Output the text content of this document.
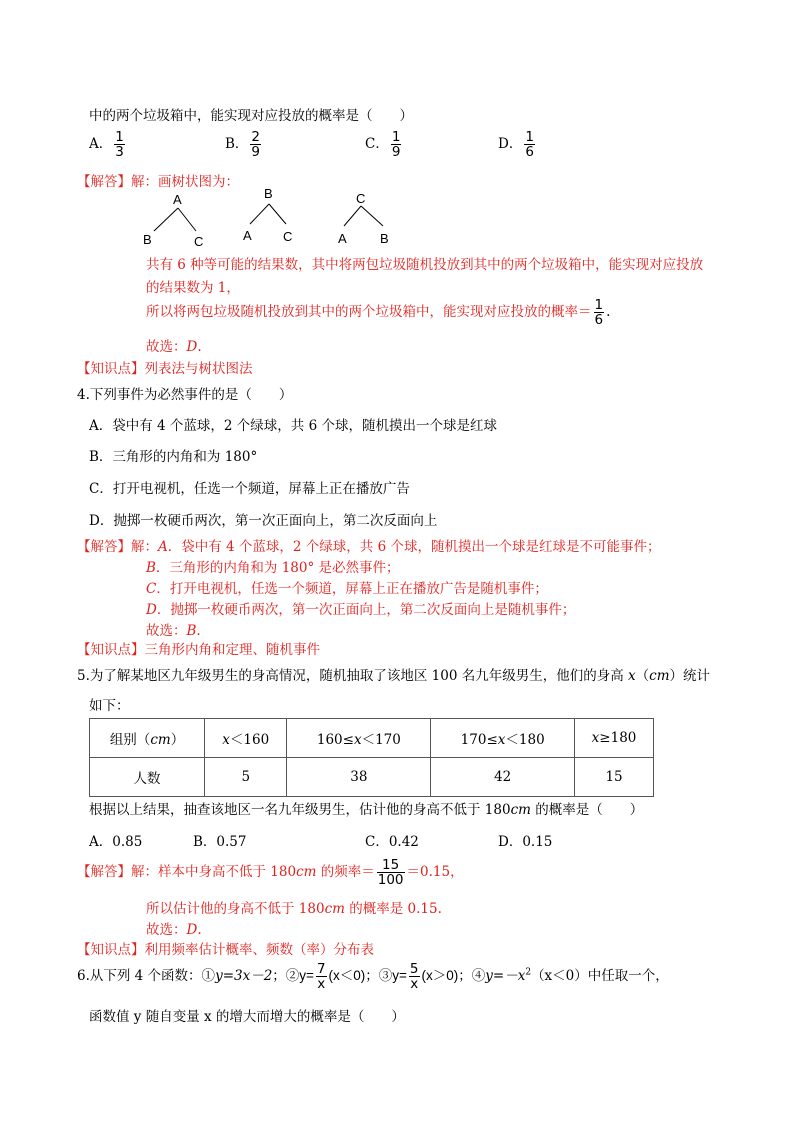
中的两个垃圾箱中，能实现对应投放的概率是（　　）
A． $\frac{1}{3}$	B． $\frac{2}{9}$	C． $\frac{1}{9}$	D． $\frac{1}{6}$
【解答】解：画树状图为：
A
B	C
B
A C
C
A	B
共有 6 种等可能的结果数，其中将两包垃圾随机投放到其中的两个垃圾箱中，能实现对应投放
的结果数为 1，
所以将两包垃圾随机投放到其中的两个垃圾箱中，能实现对应投放的概率＝ $\frac{1}{6}$ .
故选：D.
【知识点】列表法与树状图法
4.下列事件为必然事件的是（　　）
A．袋中有 4 个蓝球，2 个绿球，共 6 个球，随机摸出一个球是红球
B．三角形的内角和为 180°
C．打开电视机，任选一个频道，屏幕上正在播放广告
D．抛掷一枚硬币两次，第一次正面向上，第二次反面向上
【解答】解：A．袋中有 4 个蓝球，2 个绿球，共 6 个球，随机摸出一个球是红球是不可能事件；
B．三角形的内角和为 180° 是必然事件；
C．打开电视机，任选一个频道，屏幕上正在播放广告是随机事件；
D．抛掷一枚硬币两次，第一次正面向上，第二次反面向上是随机事件；
故选：B.
【知识点】三角形内角和定理、随机事件
5.为了解某地区九年级男生的身高情况，随机抽取了该地区 100 名九年级男生，他们的身高 x（cm）统计
如下：
组别（cm）	x＜160	160≤x＜170	170≤x＜180	x≥180
人数	5	38	42	15
根据以上结果，抽查该地区一名九年级男生，估计他的身高不低于 180cm 的概率是（　　）
A．0.85	B．0.57	C．0.42	D．0.15
【解答】解：样本中身高不低于 180cm 的频率＝ $\frac{15}{100} =0.15$，
所以估计他的身高不低于 180cm 的概率是 0.15.
故选：D.
【知识点】利用频率估计概率、频数（率）分布表
6.从下列 4 个函数：①y=3x－2；②y= $\frac{7}{x} (x<0)$；③y= $\frac{5}{x} (x>0)$；$④y=-x^2(x<0)$中任取一个，
函数值 y 随自变量 x 的增大而增大的概率是（　　）
